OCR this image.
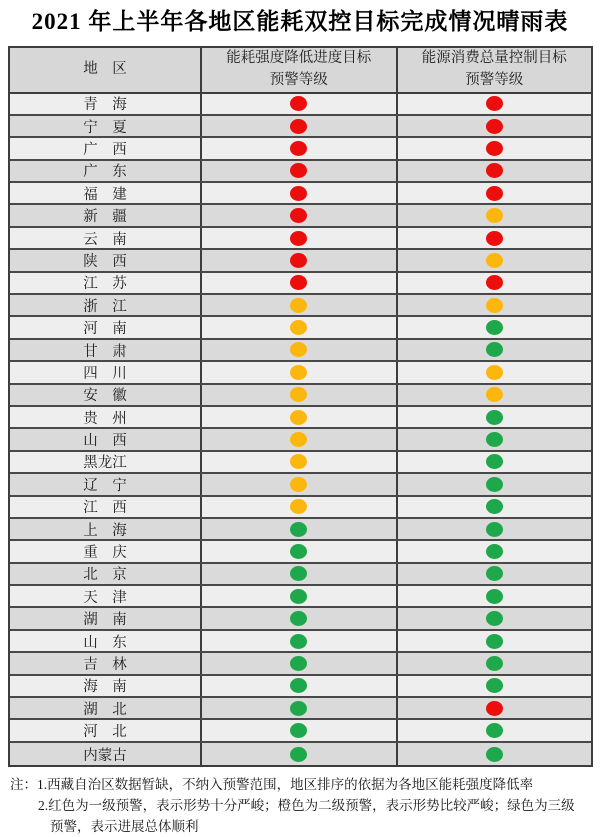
2021 年上半年各地区能耗双控目标完成情况晴雨表
地　区
能耗强度降低进度目标
预警等级
能源消费总量控制目标
预警等级
青　海
宁　夏
广　西
广　东
福　建
新　疆
云　南
陕　西
江　苏
浙　江
河　南
甘　肃
四　川
安　徽
贵　州
山　西
黑龙江
辽　宁
江　西
上　海
重　庆
北　京
天　津
湖　南
山　东
吉　林
海　南
湖　北
河　北
内蒙古
注：1.西藏自治区数据暂缺，不纳入预警范围，地区排序的依据为各地区能耗强度降低率
2.红色为一级预警，表示形势十分严峻；橙色为二级预警，表示形势比较严峻；绿色为三级
预警，表示进展总体顺利
